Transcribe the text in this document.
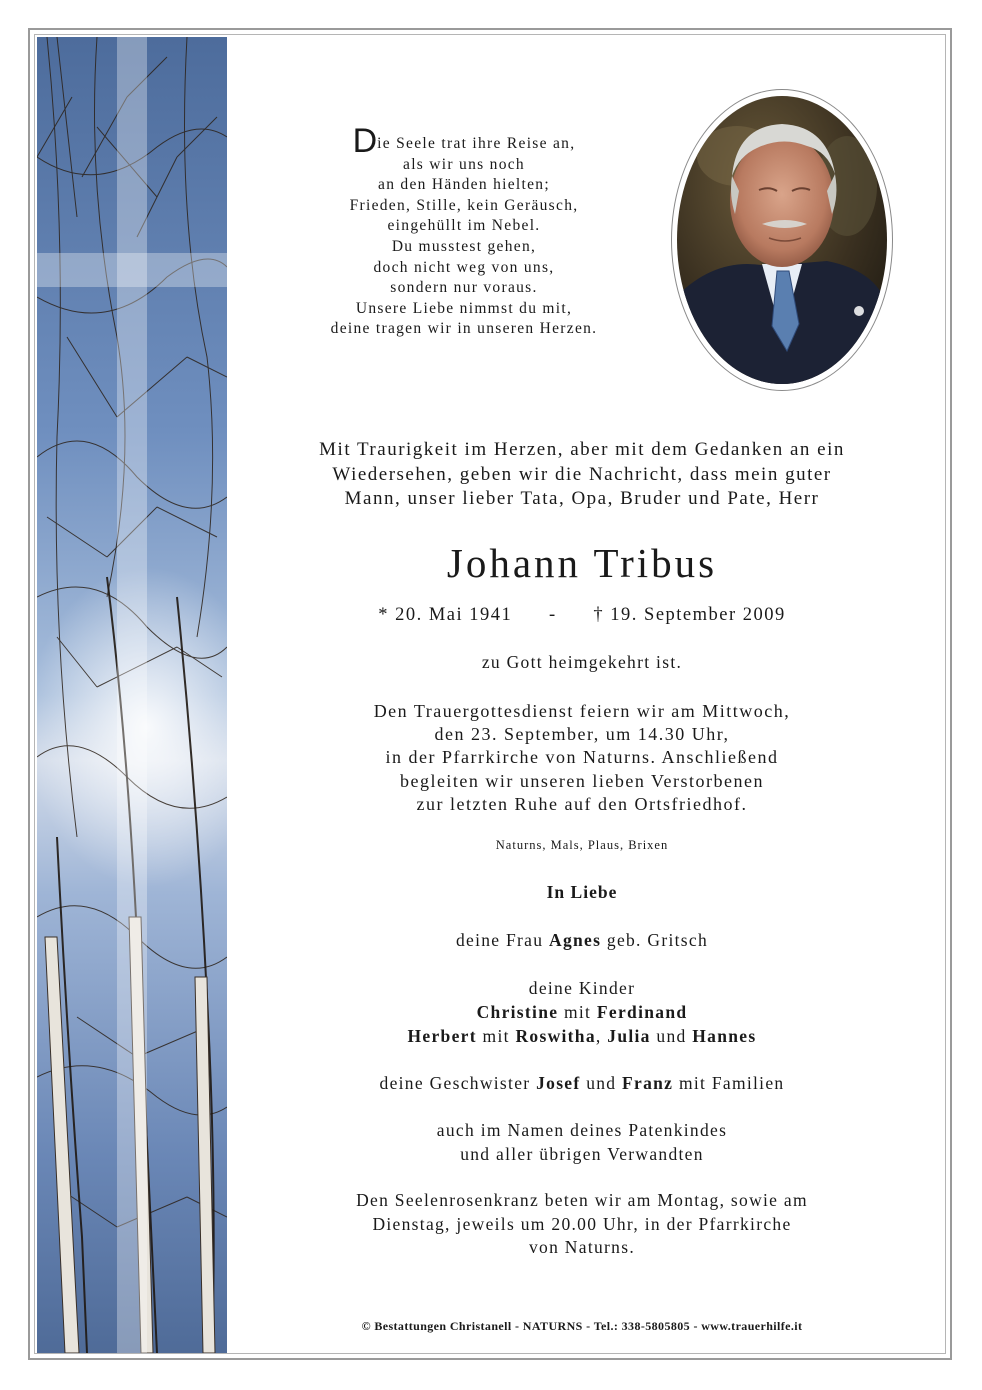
Die Seele trat ihre Reise an,
als wir uns noch
an den Händen hielten;
Frieden, Stille, kein Geräusch,
eingehüllt im Nebel.
Du musstest gehen,
doch nicht weg von uns,
sondern nur voraus.
Unsere Liebe nimmst du mit,
deine tragen wir in unseren Herzen.
Mit Traurigkeit im Herzen, aber mit dem Gedanken an ein
Wiedersehen, geben wir die Nachricht, dass mein guter
Mann, unser lieber Tata, Opa, Bruder und Pate, Herr
Johann Tribus
* 20. Mai 1941      -      † 19. September 2009
zu Gott heimgekehrt ist.
Den Trauergottesdienst feiern wir am Mittwoch,
den 23. September, um 14.30 Uhr,
in der Pfarrkirche von Naturns. Anschließend
begleiten wir unseren lieben Verstorbenen
zur letzten Ruhe auf den Ortsfriedhof.
Naturns, Mals, Plaus, Brixen
In Liebe
deine Frau Agnes geb. Gritsch
deine Kinder
Christine mit Ferdinand
Herbert mit Roswitha, Julia und Hannes
deine Geschwister Josef und Franz mit Familien
auch im Namen deines Patenkindes
und aller übrigen Verwandten
Den Seelenrosenkranz beten wir am Montag, sowie am
Dienstag, jeweils um 20.00 Uhr, in der Pfarrkirche
von Naturns.
© Bestattungen Christanell - NATURNS - Tel.: 338-5805805 - www.trauerhilfe.it
